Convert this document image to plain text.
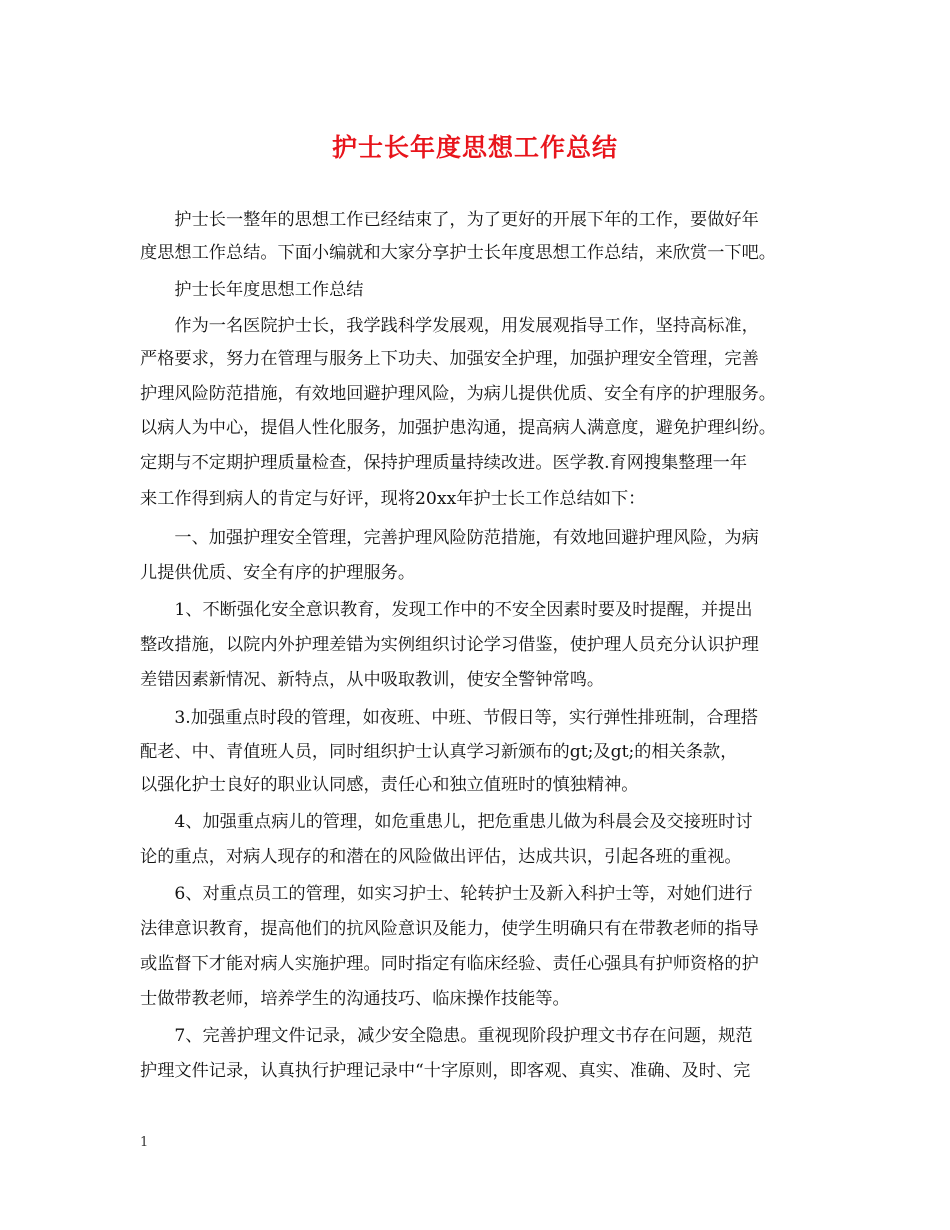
护士长年度思想工作总结
　　护士长一整年的思想工作已经结束了，为了更好的开展下年的工作，要做好年
度思想工作总结。下面小编就和大家分享护士长年度思想工作总结，来欣赏一下吧。
　　护士长年度思想工作总结
　　作为一名医院护士长，我学践科学发展观，用发展观指导工作，坚持高标准，
严格要求，努力在管理与服务上下功夫、加强安全护理，加强护理安全管理，完善
护理风险防范措施，有效地回避护理风险，为病儿提供优质、安全有序的护理服务。
以病人为中心，提倡人性化服务，加强护患沟通，提高病人满意度，避免护理纠纷。
定期与不定期护理质量检查，保持护理质量持续改进。医学教.育网搜集整理一年
来工作得到病人的肯定与好评，现将20xx年护士长工作总结如下：
　　一、加强护理安全管理，完善护理风险防范措施，有效地回避护理风险，为病
儿提供优质、安全有序的护理服务。
　　1、不断强化安全意识教育，发现工作中的不安全因素时要及时提醒，并提出
整改措施，以院内外护理差错为实例组织讨论学习借鉴，使护理人员充分认识护理
差错因素新情况、新特点，从中吸取教训，使安全警钟常鸣。
　　3.加强重点时段的管理，如夜班、中班、节假日等，实行弹性排班制，合理搭
配老、中、青值班人员，同时组织护士认真学习新颁布的gt;及gt;的相关条款，
以强化护士良好的职业认同感，责任心和独立值班时的慎独精神。
　　4、加强重点病儿的管理，如危重患儿，把危重患儿做为科晨会及交接班时讨
论的重点，对病人现存的和潜在的风险做出评估，达成共识，引起各班的重视。
　　6、对重点员工的管理，如实习护士、轮转护士及新入科护士等，对她们进行
法律意识教育，提高他们的抗风险意识及能力，使学生明确只有在带教老师的指导
或监督下才能对病人实施护理。同时指定有临床经验、责任心强具有护师资格的护
士做带教老师，培养学生的沟通技巧、临床操作技能等。
　　7、完善护理文件记录，减少安全隐患。重视现阶段护理文书存在问题，规范
护理文件记录，认真执行护理记录中“十字原则，即客观、真实、准确、及时、完
1
